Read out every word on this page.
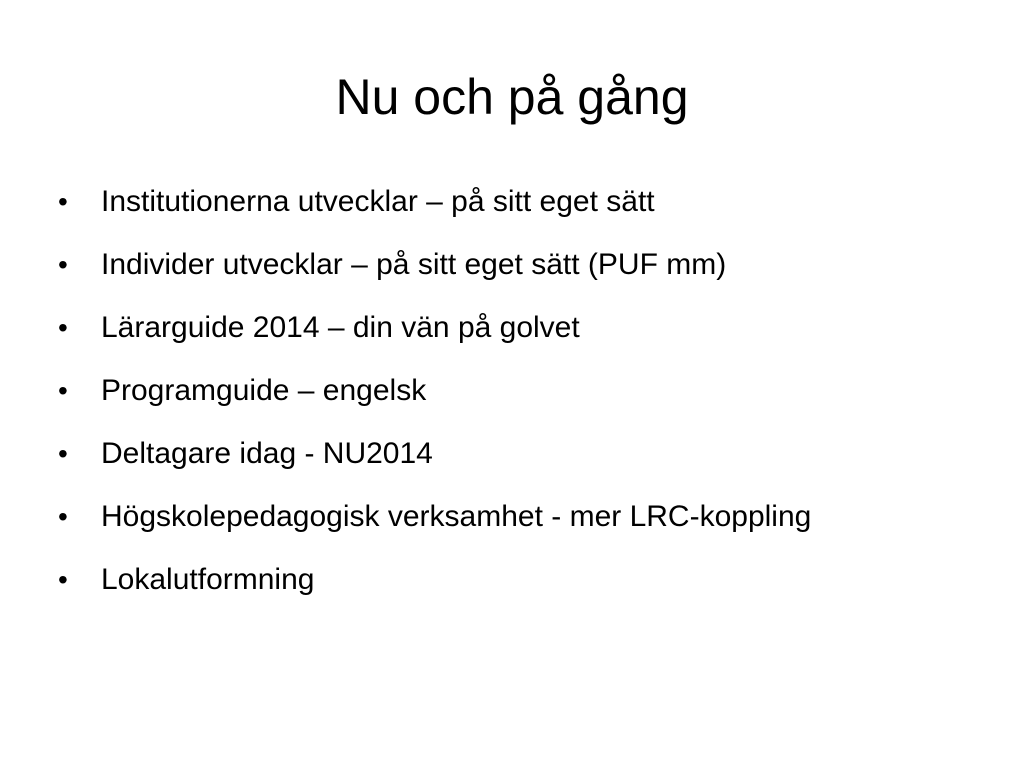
Nu och på gång
•	Institutionerna utvecklar – på sitt eget sätt
•	Individer utvecklar – på sitt eget sätt (PUF mm)
•	Lärarguide 2014 – din vän på golvet
•	Programguide – engelsk
•	Deltagare idag - NU2014
•	Högskolepedagogisk verksamhet - mer LRC-koppling
•	Lokalutformning
